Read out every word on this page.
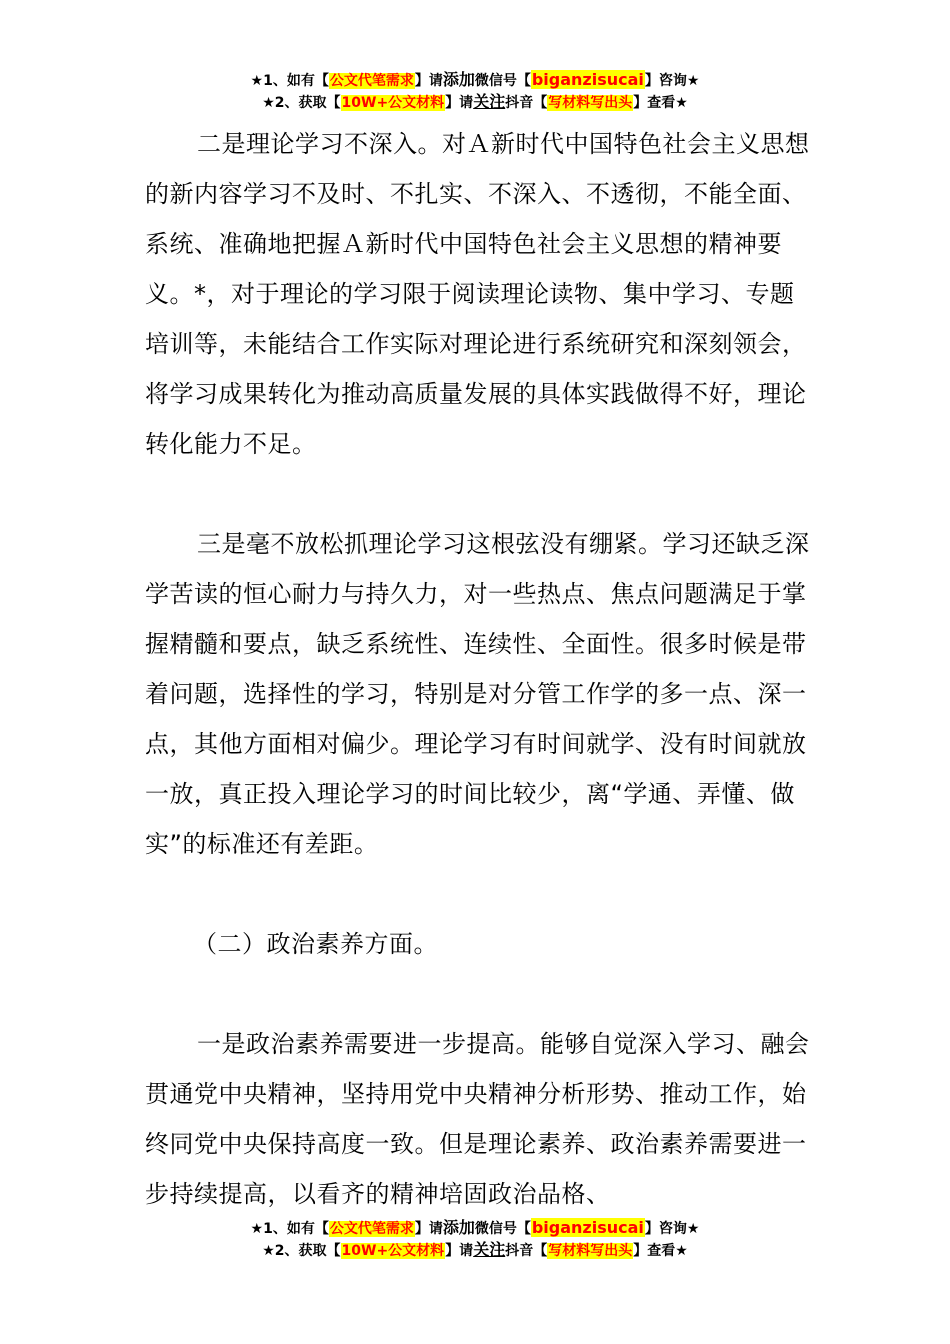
★1、如有【公文代笔需求】请添加微信号【biganzisucai】咨询★
★2、获取【10W+公文材料】请关注抖音【写材料写出头】查看★

二是理论学习不深入。对Ａ新时代中国特色社会主义思想的新内容学习不及时、不扎实、不深入、不透彻，不能全面、系统、准确地把握Ａ新时代中国特色社会主义思想的精神要义。*，对于理论的学习限于阅读理论读物、集中学习、专题培训等，未能结合工作实际对理论进行系统研究和深刻领会，将学习成果转化为推动高质量发展的具体实践做得不好，理论转化能力不足。

三是毫不放松抓理论学习这根弦没有绷紧。学习还缺乏深学苦读的恒心耐力与持久力，对一些热点、焦点问题满足于掌握精髓和要点，缺乏系统性、连续性、全面性。很多时候是带着问题，选择性的学习，特别是对分管工作学的多一点、深一点，其他方面相对偏少。理论学习有时间就学、没有时间就放一放，真正投入理论学习的时间比较少，离“学通、弄懂、做实”的标准还有差距。

（二）政治素养方面。

一是政治素养需要进一步提高。能够自觉深入学习、融会贯通党中央精神，坚持用党中央精神分析形势、推动工作，始终同党中央保持高度一致。但是理论素养、政治素养需要进一步持续提高，以看齐的精神培固政治品格、

★1、如有【公文代笔需求】请添加微信号【biganzisucai】咨询★
★2、获取【10W+公文材料】请关注抖音【写材料写出头】查看★
